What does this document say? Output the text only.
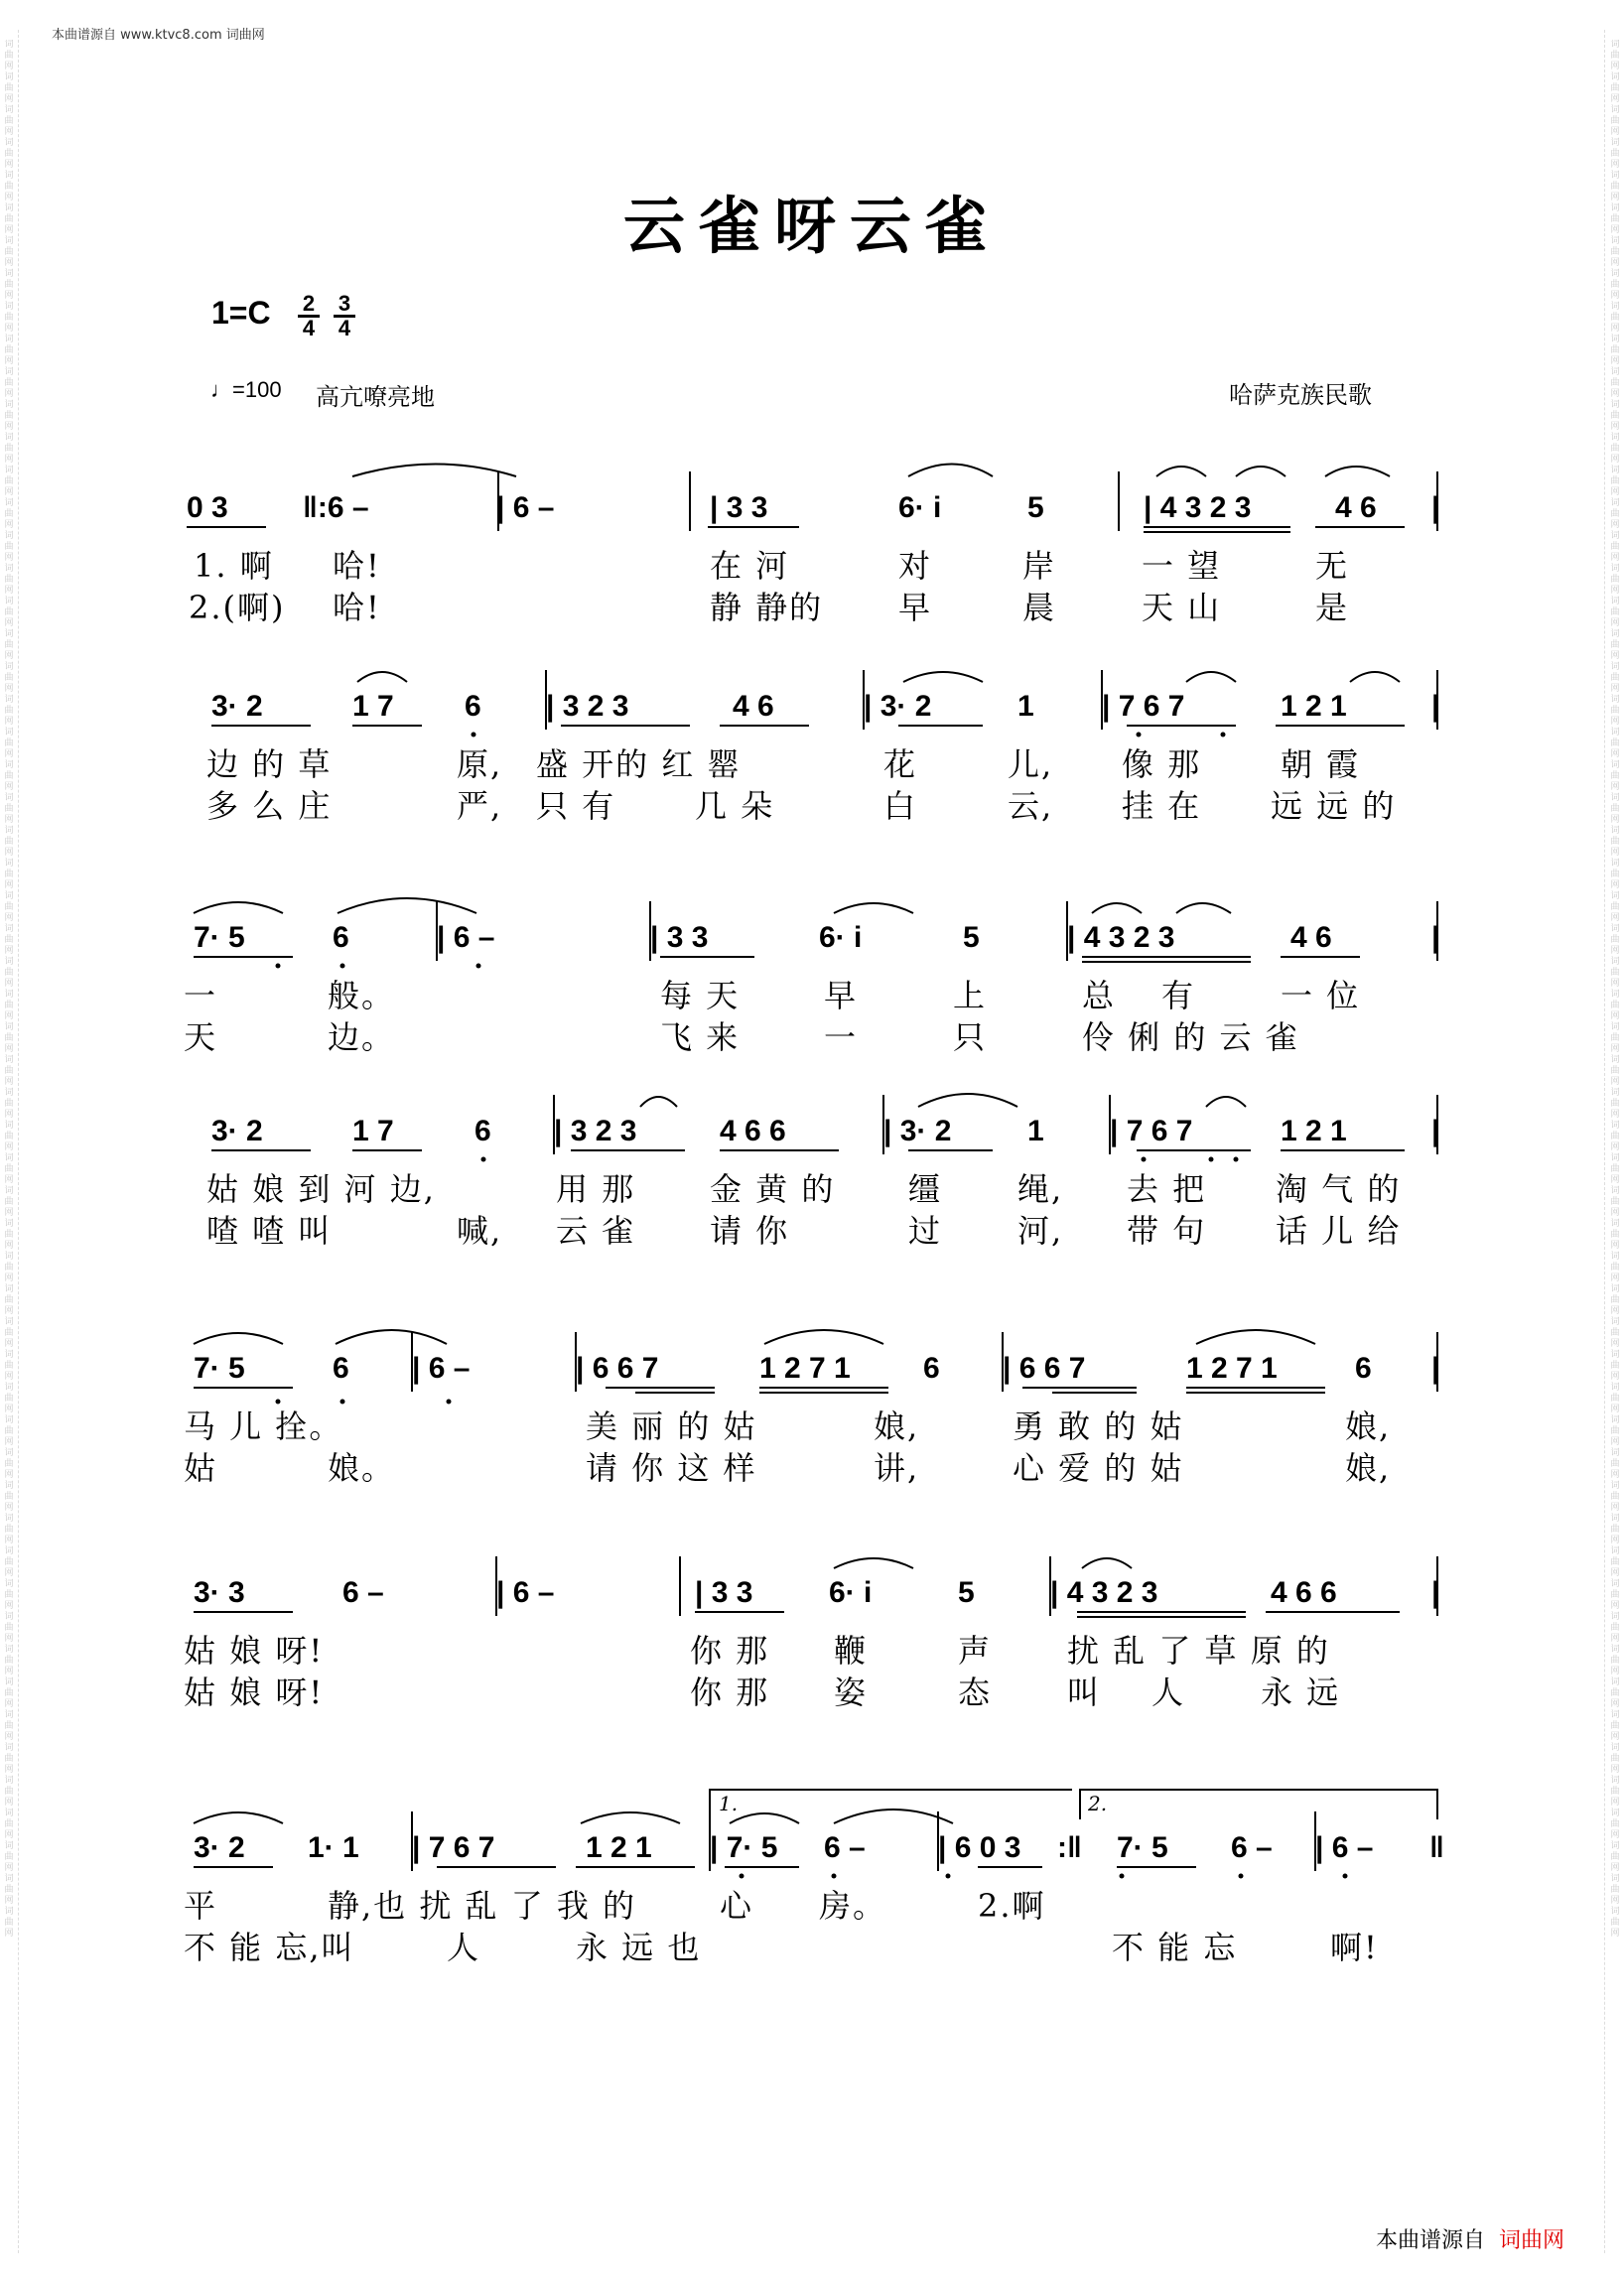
本曲谱源自 www.ktvc8.com 词曲网
词曲网词曲网词曲网词曲网词曲网词曲网词曲网词曲网词曲网词曲网词曲网词曲网词曲网词曲网词曲网词曲网词曲网词曲网词曲网词曲网词曲网词曲网词曲网词曲网词曲网词曲网词曲网词曲网词曲网词曲网词曲网词曲网词曲网词曲网词曲网词曲网词曲网词曲网词曲网词曲网词曲网词曲网词曲网词曲网词曲网词曲网词曲网词曲网词曲网词曲网词曲网词曲网词曲网词曲网词曲网词曲网词曲网词曲网
词曲网词曲网词曲网词曲网词曲网词曲网词曲网词曲网词曲网词曲网词曲网词曲网词曲网词曲网词曲网词曲网词曲网词曲网词曲网词曲网词曲网词曲网词曲网词曲网词曲网词曲网词曲网词曲网词曲网词曲网词曲网词曲网词曲网词曲网词曲网词曲网词曲网词曲网词曲网词曲网词曲网词曲网词曲网词曲网词曲网词曲网词曲网词曲网词曲网词曲网词曲网词曲网词曲网词曲网词曲网词曲网词曲网词曲网
云雀呀云雀
$1=C \frac{2}{4} \frac{3}{4}$
♩=100 高亢嘹亮地	哈萨克族民歌
0 3	‖:6 –	| 6 –	| 3 3	6· i	5	| 4 3 2 3	4 6 |
1. 啊 哈!	在 河	对	岸	一 望	无
2.(啊) 哈!	静 静的 早	晨	天 山	是
3· 2	1 7 6 | 3 2 3	4 6	| 3· 2	1 | 7 6 7	1 2 1	|
边 的 草	原, 盛 开的 红 罂	花	儿, 像 那 朝 霞
多 么 庄	严, 只 有 几 朵	白	云, 挂 在 远 远 的
7· 5	6	| 6 –	| 3 3	6· i	5	| 4 3 2 3	4 6	|
一	般。	每 天	早	上	总 有	一 位
天	边。	飞 来	一	只	伶 俐 的 云 雀
3· 2	1 7	6 | 3 2 3	4 6 6	| 3· 2	1 | 7 6 7	1 2 1	|
姑 娘 到 河 边,	用 那 金 黄 的 缰 绳, 去 把 淘 气 的
喳 喳 叫	喊, 云 雀 请 你	过 河, 带 句 话 儿 给
7· 5	6 | 6 –	| 6 6 7	1 2 7 1 6 | 6 6 7	1 2 7 1	6 |
马 儿 拴。	美 丽 的 姑	娘,	勇 敢 的 姑	娘,
姑	娘。	请 你 这 样	讲,	心 爱 的 姑	娘,
3· 3	6 –	| 6 –	| 3 3	6· i	5	| 4 3 2 3	4 6 6	|
姑 娘 呀!	你 那 鞭	声 扰 乱 了 草 原 的
姑 娘 呀!	你 那 姿	态 叫 人 永 远
1.	2.
3· 2 1· 1 | 7 6 7	1 2 1 | 7· 5 6 – | 6 0 3 :‖ 7· 5 6 – | 6 – ‖
平	静,也 扰 乱 了 我 的	心 房。	2.啊
不 能 忘,叫	人	永 远 也	不 能 忘	啊!
本曲谱源自 词曲网
